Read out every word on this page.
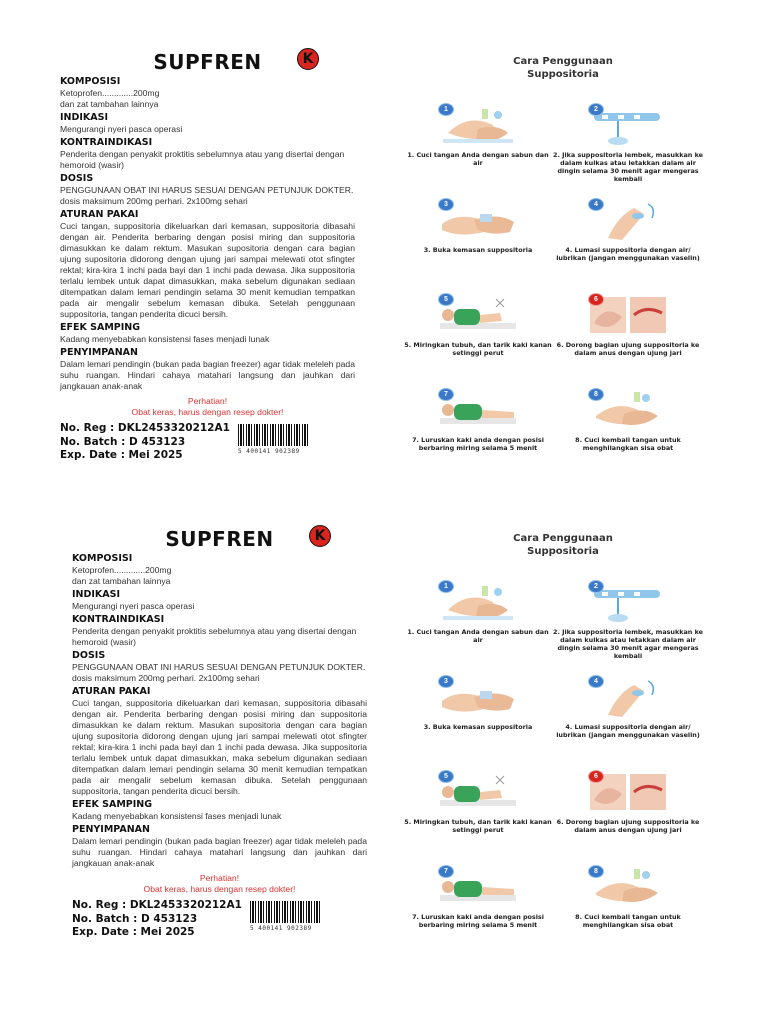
SUPFREN	K
KOMPOSISI
Ketoprofen.............200mg
dan zat tambahan lainnya
INDIKASI
Mengurangi nyeri pasca operasi
KONTRAINDIKASI
Penderita dengan penyakit proktitis sebelumnya atau yang disertai dengan hemoroid (wasir)
DOSIS
PENGGUNAAN OBAT INI HARUS SESUAI DENGAN PETUNJUK DOKTER. dosis maksimum 200mg perhari. 2x100mg sehari
ATURAN PAKAI
Cuci tangan, suppositoria dikeluarkan dari kemasan, suppositoria dibasahi dengan air. Penderita berbaring dengan posisi miring dan suppositoria dimasukkan ke dalam rektum. Masukan supositoria dengan cara bagian ujung supositoria didorong dengan ujung jari sampai melewati otot sfingter rektal; kira-kira 1 inchi pada bayi dan 1 inchi pada dewasa. Jika suppositoria terlalu lembek untuk dapat dimasukkan, maka sebelum digunakan sediaan ditempatkan dalam lemari pendingin selama 30 menit kemudian tempatkan pada air mengalir sebelum kemasan dibuka. Setelah penggunaan suppositoria, tangan penderita dicuci bersih.
EFEK SAMPING
Kadang menyebabkan konsistensi fases menjadi lunak
PENYIMPANAN
Dalam lemari pendingin (bukan pada bagian freezer) agar tidak meleleh pada suhu ruangan. Hindari cahaya matahari langsung dan jauhkan dari jangkauan anak-anak
Perhatian!
Obat keras, harus dengan resep dokter!
No. Reg : DKL2453320212A1
No. Batch : D 453123
Exp. Date : Mei 2025	5 400141 902389
Cara Penggunaan
Suppositoria
1
1. Cuci tangan Anda dengan sabun dan air
2
2. Jika suppositoria lembek, masukkan ke dalam kulkas atau letakkan dalam air dingin selama 30 menit agar mengeras kembali
3
3. Buka kemasan suppositoria
4
4. Lumasi suppositoria dengan air/ lubrikan (jangan menggunakan vaselin)
5
5. Miringkan tubuh, dan tarik kaki kanan setinggi perut
6
6. Dorong bagian ujung suppositoria ke dalam anus dengan ujung jari
7
7. Luruskan kaki anda dengan posisi berbaring miring selama 5 menit
8
8. Cuci kembali tangan untuk menghilangkan sisa obat
SUPFREN	K
KOMPOSISI
Ketoprofen.............200mg
dan zat tambahan lainnya
INDIKASI
Mengurangi nyeri pasca operasi
KONTRAINDIKASI
Penderita dengan penyakit proktitis sebelumnya atau yang disertai dengan hemoroid (wasir)
DOSIS
PENGGUNAAN OBAT INI HARUS SESUAI DENGAN PETUNJUK DOKTER. dosis maksimum 200mg perhari. 2x100mg sehari
ATURAN PAKAI
Cuci tangan, suppositoria dikeluarkan dari kemasan, suppositoria dibasahi dengan air. Penderita berbaring dengan posisi miring dan suppositoria dimasukkan ke dalam rektum. Masukan supositoria dengan cara bagian ujung supositoria didorong dengan ujung jari sampai melewati otot sfingter rektal; kira-kira 1 inchi pada bayi dan 1 inchi pada dewasa. Jika suppositoria terlalu lembek untuk dapat dimasukkan, maka sebelum digunakan sediaan ditempatkan dalam lemari pendingin selama 30 menit kemudian tempatkan pada air mengalir sebelum kemasan dibuka. Setelah penggunaan suppositoria, tangan penderita dicuci bersih.
EFEK SAMPING
Kadang menyebabkan konsistensi fases menjadi lunak
PENYIMPANAN
Dalam lemari pendingin (bukan pada bagian freezer) agar tidak meleleh pada suhu ruangan. Hindari cahaya matahari langsung dan jauhkan dari jangkauan anak-anak
Perhatian!
Obat keras, harus dengan resep dokter!
No. Reg : DKL2453320212A1
No. Batch : D 453123
Exp. Date : Mei 2025	5 400141 902389
Cara Penggunaan
Suppositoria
1
1. Cuci tangan Anda dengan sabun dan air
2
2. Jika suppositoria lembek, masukkan ke dalam kulkas atau letakkan dalam air dingin selama 30 menit agar mengeras kembali
3
3. Buka kemasan suppositoria
4
4. Lumasi suppositoria dengan air/ lubrikan (jangan menggunakan vaselin)
5
5. Miringkan tubuh, dan tarik kaki kanan setinggi perut
6
6. Dorong bagian ujung suppositoria ke dalam anus dengan ujung jari
7
7. Luruskan kaki anda dengan posisi berbaring miring selama 5 menit
8
8. Cuci kembali tangan untuk menghilangkan sisa obat
